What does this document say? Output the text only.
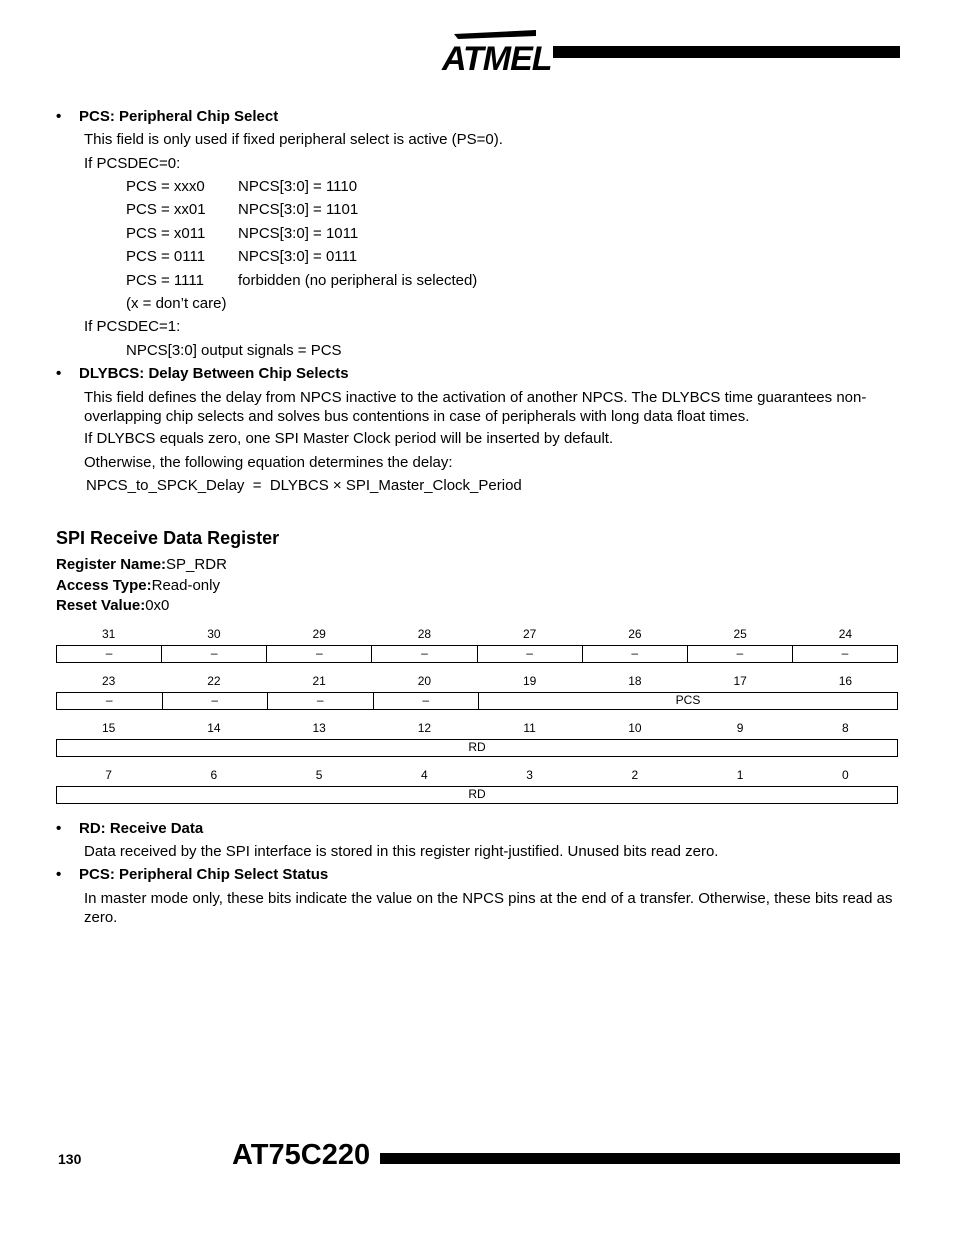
ATMEL
• PCS: Peripheral Chip Select
This field is only used if fixed peripheral select is active (PS=0).
If PCSDEC=0:
PCS = xxx0 NPCS[3:0] = 1110
PCS = xx01 NPCS[3:0] = 1101
PCS = x011 NPCS[3:0] = 1011
PCS = 0111 NPCS[3:0] = 0111
PCS = 1111 forbidden (no peripheral is selected)
(x = don’t care)
If PCSDEC=1:
NPCS[3:0] output signals = PCS
• DLYBCS: Delay Between Chip Selects
This field defines the delay from NPCS inactive to the activation of another NPCS. The DLYBCS time guarantees non-overlapping chip selects and solves bus contentions in case of peripherals with long data float times.
If DLYBCS equals zero, one SPI Master Clock period will be inserted by default.
Otherwise, the following equation determines the delay:
NPCS_to_SPCK_Delay  =  DLYBCS × SPI_Master_Clock_Period
SPI Receive Data Register
Register Name:SP_RDR
Access Type:Read-only
Reset Value:0x0
31	30	29	28	27	26	25	24
–	–	–	–	–	–	–	–
23	22	21	20	19	18	17	16
–	–	–	–	PCS
15	14	13	12	11	10	9	8
RD
7	6	5	4	3	2	1	0
RD
• RD: Receive Data
Data received by the SPI interface is stored in this register right-justified. Unused bits read zero.
• PCS: Peripheral Chip Select Status
In master mode only, these bits indicate the value on the NPCS pins at the end of a transfer. Otherwise, these bits read as zero.
130	AT75C220
